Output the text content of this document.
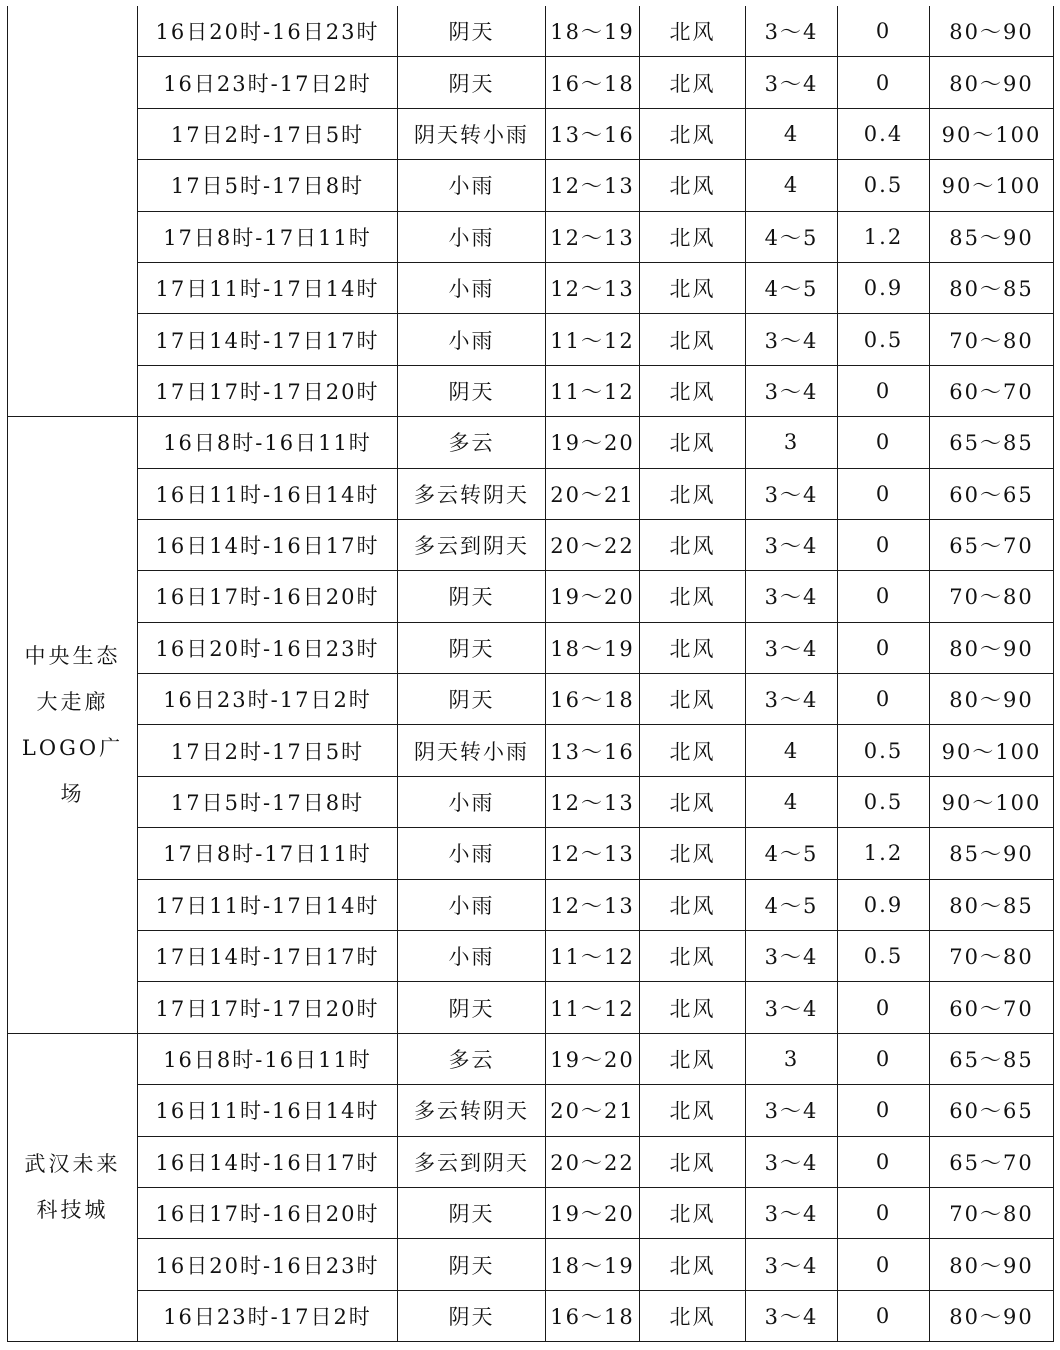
	16日20时-16日23时	阴天	18～19	北风	3～4	0	80～90
	16日23时-17日2时	阴天	16～18	北风	3～4	0	80～90
	17日2时-17日5时	阴天转小雨	13～16	北风	4	0.4	90～100
	17日5时-17日8时	小雨	12～13	北风	4	0.5	90～100
	17日8时-17日11时	小雨	12～13	北风	4～5	1.2	85～90
	17日11时-17日14时	小雨	12～13	北风	4～5	0.9	80～85
	17日14时-17日17时	小雨	11～12	北风	3～4	0.5	70～80
	17日17时-17日20时	阴天	11～12	北风	3～4	0	60～70
中央生态大走廊LOGO广场	16日8时-16日11时	多云	19～20	北风	3	0	65～85
	16日11时-16日14时	多云转阴天	20～21	北风	3～4	0	60～65
	16日14时-16日17时	多云到阴天	20～22	北风	3～4	0	65～70
	16日17时-16日20时	阴天	19～20	北风	3～4	0	70～80
	16日20时-16日23时	阴天	18～19	北风	3～4	0	80～90
	16日23时-17日2时	阴天	16～18	北风	3～4	0	80～90
	17日2时-17日5时	阴天转小雨	13～16	北风	4	0.5	90～100
	17日5时-17日8时	小雨	12～13	北风	4	0.5	90～100
	17日8时-17日11时	小雨	12～13	北风	4～5	1.2	85～90
	17日11时-17日14时	小雨	12～13	北风	4～5	0.9	80～85
	17日14时-17日17时	小雨	11～12	北风	3～4	0.5	70～80
	17日17时-17日20时	阴天	11～12	北风	3～4	0	60～70
武汉未来科技城	16日8时-16日11时	多云	19～20	北风	3	0	65～85
	16日11时-16日14时	多云转阴天	20～21	北风	3～4	0	60～65
	16日14时-16日17时	多云到阴天	20～22	北风	3～4	0	65～70
	16日17时-16日20时	阴天	19～20	北风	3～4	0	70～80
	16日20时-16日23时	阴天	18～19	北风	3～4	0	80～90
	16日23时-17日2时	阴天	16～18	北风	3～4	0	80～90
